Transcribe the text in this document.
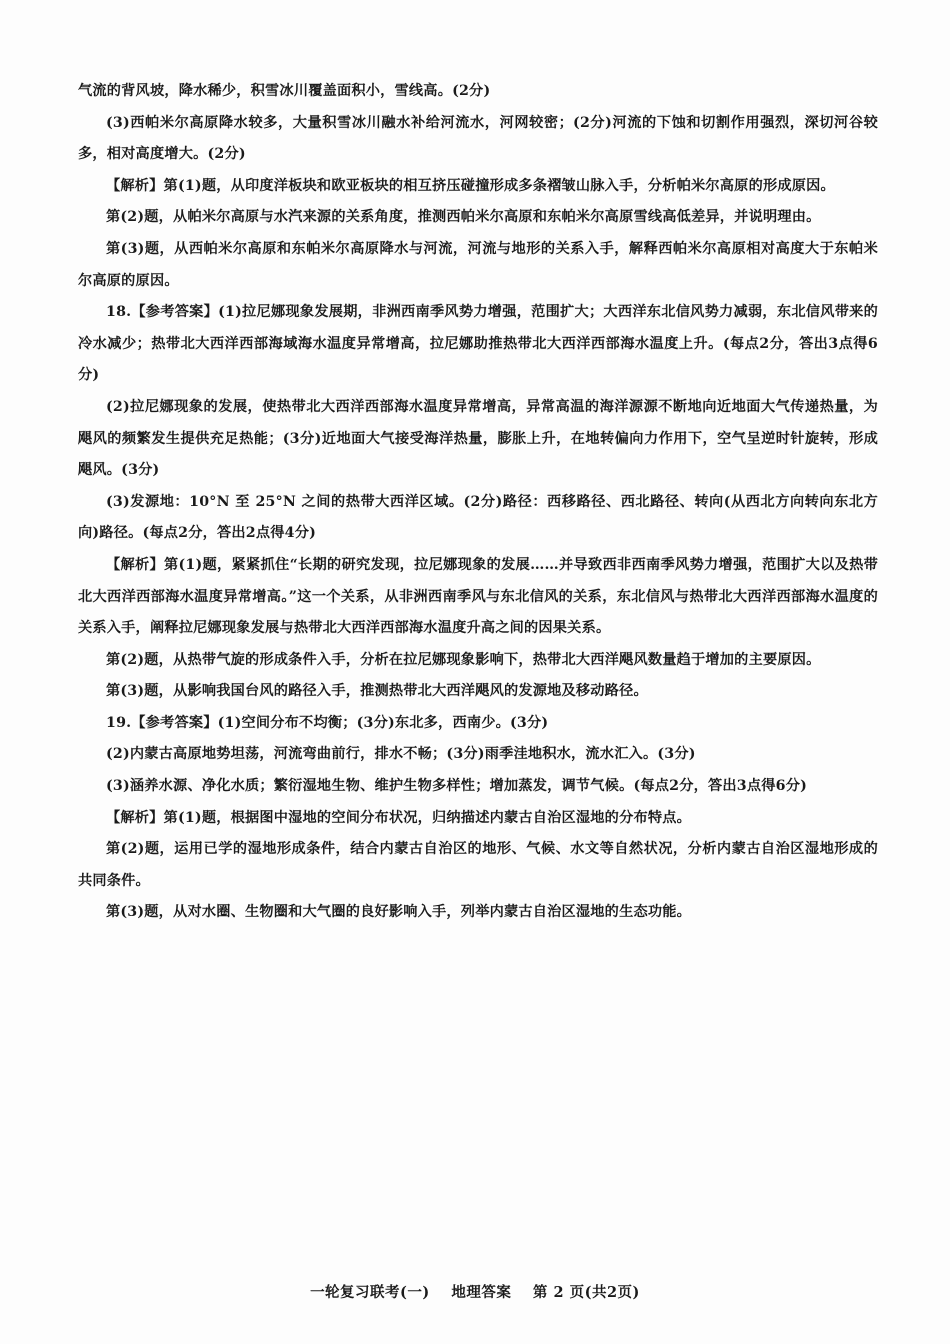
气流的背风坡，降水稀少，积雪冰川覆盖面积小，雪线高。(2分)

(3)西帕米尔高原降水较多，大量积雪冰川融水补给河流水，河网较密；(2分)河流的下蚀和切割作用强烈，深切河谷较多，相对高度增大。(2分)

【解析】第(1)题，从印度洋板块和欧亚板块的相互挤压碰撞形成多条褶皱山脉入手，分析帕米尔高原的形成原因。

第(2)题，从帕米尔高原与水汽来源的关系角度，推测西帕米尔高原和东帕米尔高原雪线高低差异，并说明理由。

第(3)题，从西帕米尔高原和东帕米尔高原降水与河流，河流与地形的关系入手，解释西帕米尔高原相对高度大于东帕米尔高原的原因。

18.【参考答案】(1)拉尼娜现象发展期，非洲西南季风势力增强，范围扩大；大西洋东北信风势力减弱，东北信风带来的冷水减少；热带北大西洋西部海域海水温度异常增高，拉尼娜助推热带北大西洋西部海水温度上升。(每点2分，答出3点得6分)

(2)拉尼娜现象的发展，使热带北大西洋西部海水温度异常增高，异常高温的海洋源源不断地向近地面大气传递热量，为飓风的频繁发生提供充足热能；(3分)近地面大气接受海洋热量，膨胀上升，在地转偏向力作用下，空气呈逆时针旋转，形成飓风。(3分)

(3)发源地：10°N 至 25°N 之间的热带大西洋区域。(2分)路径：西移路径、西北路径、转向(从西北方向转向东北方向)路径。(每点2分，答出2点得4分)

【解析】第(1)题，紧紧抓住“长期的研究发现，拉尼娜现象的发展……并导致西非西南季风势力增强，范围扩大以及热带北大西洋西部海水温度异常增高。”这一个关系，从非洲西南季风与东北信风的关系，东北信风与热带北大西洋西部海水温度的关系入手，阐释拉尼娜现象发展与热带北大西洋西部海水温度升高之间的因果关系。

第(2)题，从热带气旋的形成条件入手，分析在拉尼娜现象影响下，热带北大西洋飓风数量趋于增加的主要原因。

第(3)题，从影响我国台风的路径入手，推测热带北大西洋飓风的发源地及移动路径。

19.【参考答案】(1)空间分布不均衡；(3分)东北多，西南少。(3分)

(2)内蒙古高原地势坦荡，河流弯曲前行，排水不畅；(3分)雨季洼地积水，流水汇入。(3分)

(3)涵养水源、净化水质；繁衍湿地生物、维护生物多样性；增加蒸发，调节气候。(每点2分，答出3点得6分)

【解析】第(1)题，根据图中湿地的空间分布状况，归纳描述内蒙古自治区湿地的分布特点。

第(2)题，运用已学的湿地形成条件，结合内蒙古自治区的地形、气候、水文等自然状况，分析内蒙古自治区湿地形成的共同条件。

第(3)题，从对水圈、生物圈和大气圈的良好影响入手，列举内蒙古自治区湿地的生态功能。

一轮复习联考(一) 地理答案 第 2 页(共2页)
